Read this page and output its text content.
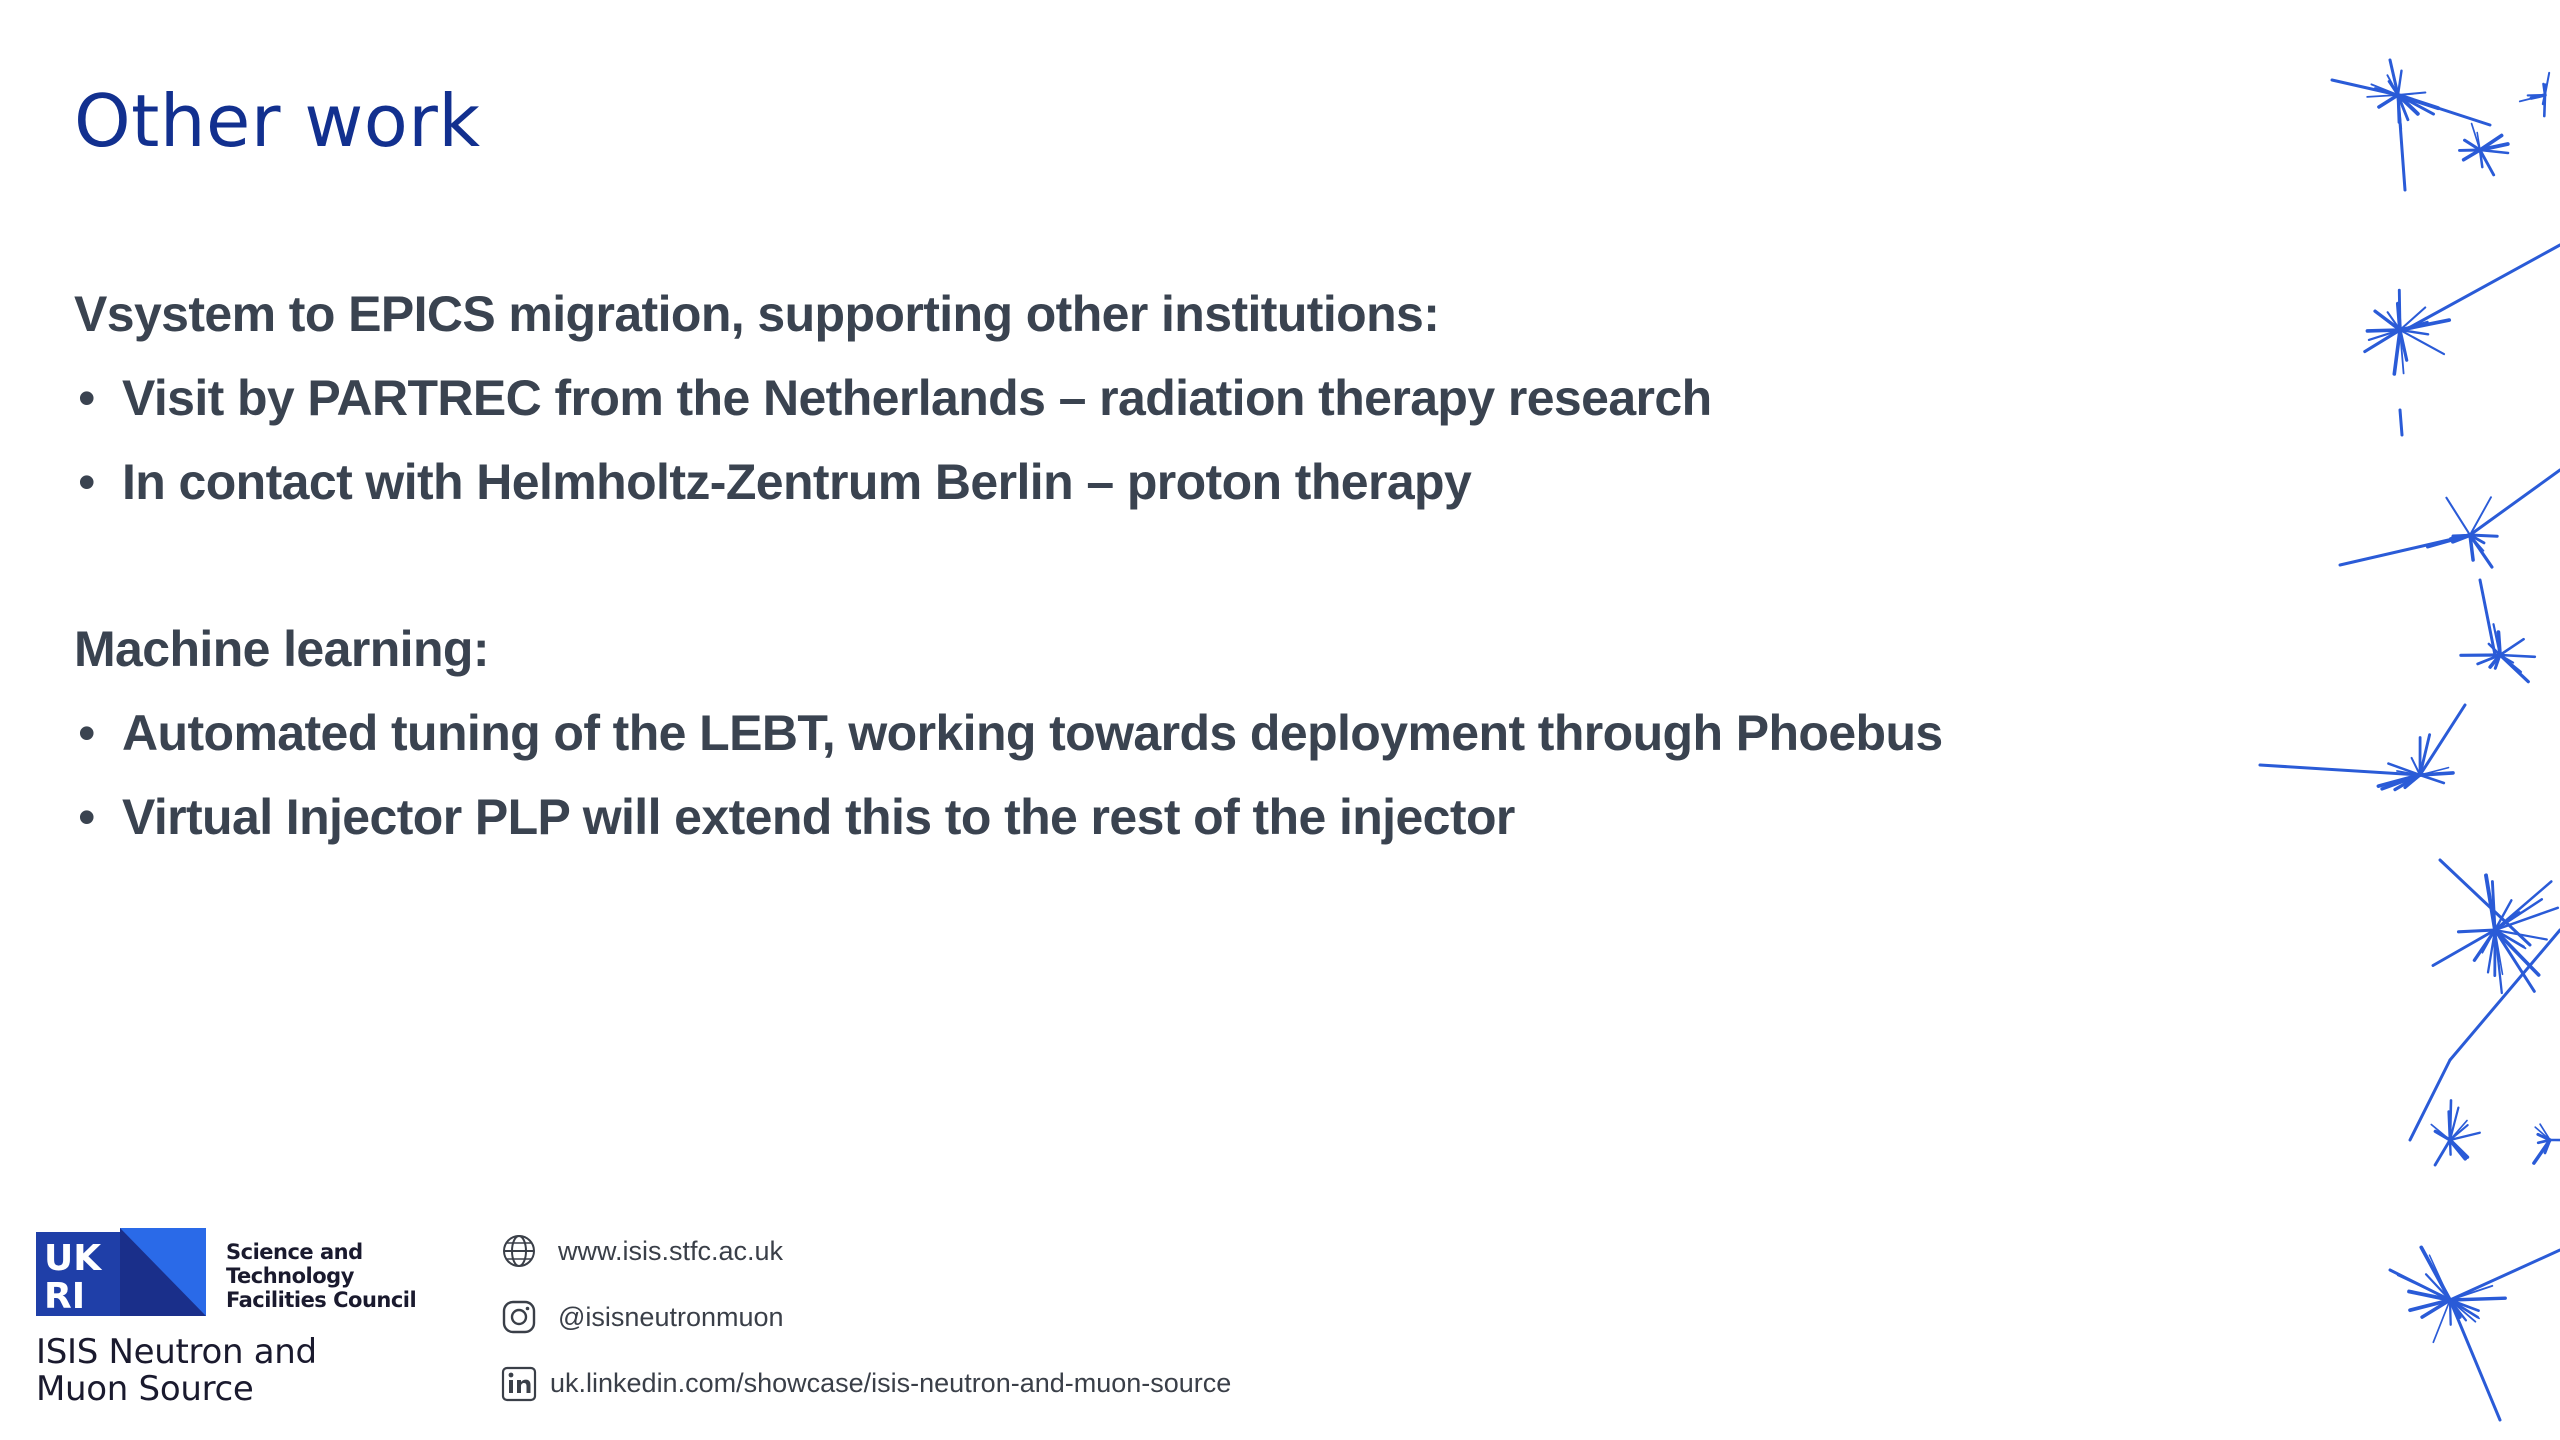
Other work

Vsystem to EPICS migration, supporting other institutions:

• Visit by PARTREC from the Netherlands – radiation therapy research
• In contact with Helmholtz-Zentrum Berlin – proton therapy

Machine learning:

• Automated tuning of the LEBT, working towards deployment through Phoebus
• Virtual Injector PLP will extend this to the rest of the injector
UK
RI
Science and
Technology
Facilities Council
ISIS Neutron and
Muon Source
www.isis.stfc.ac.uk
@isisneutronmuon
uk.linkedin.com/showcase/isis-neutron-and-muon-source
